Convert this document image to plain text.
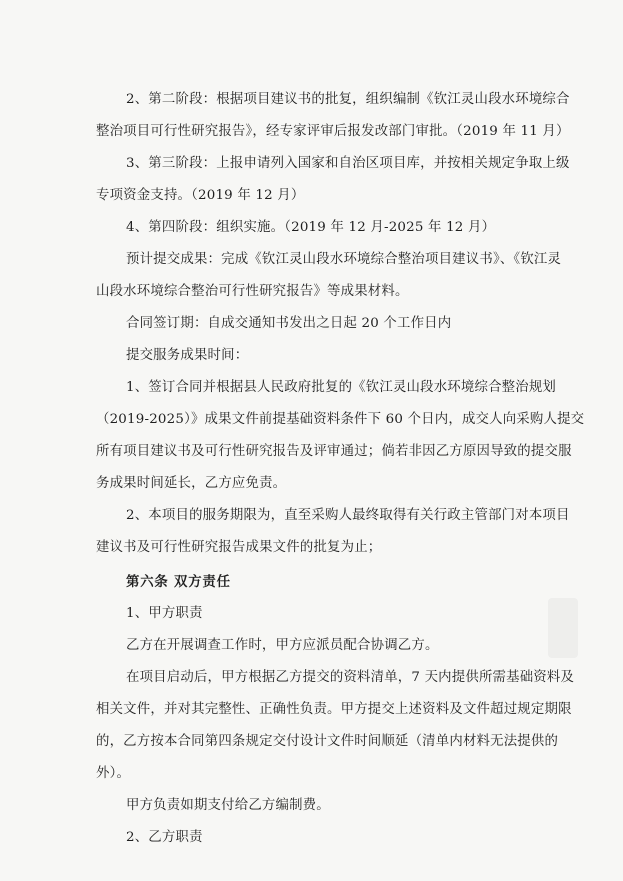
2、第二阶段：根据项目建议书的批复，组织编制《钦江灵山段水环境综合

整治项目可行性研究报告》，经专家评审后报发改部门审批。（2019 年 11 月）

3、第三阶段：上报申请列入国家和自治区项目库，并按相关规定争取上级

专项资金支持。（2019 年 12 月）

4、第四阶段：组织实施。（2019 年 12 月-2025 年 12 月）

预计提交成果：完成《钦江灵山段水环境综合整治项目建议书》、《钦江灵

山段水环境综合整治可行性研究报告》等成果材料。

合同签订期：自成交通知书发出之日起 20 个工作日内

提交服务成果时间：

1、签订合同并根据县人民政府批复的《钦江灵山段水环境综合整治规划

（2019-2025）》成果文件前提基础资料条件下 60 个日内，成交人向采购人提交

所有项目建议书及可行性研究报告及评审通过；倘若非因乙方原因导致的提交服

务成果时间延长，乙方应免责。

2、本项目的服务期限为，直至采购人最终取得有关行政主管部门对本项目

建议书及可行性研究报告成果文件的批复为止；

第六条 双方责任

1、甲方职责

乙方在开展调查工作时，甲方应派员配合协调乙方。

在项目启动后，甲方根据乙方提交的资料清单，7 天内提供所需基础资料及

相关文件，并对其完整性、正确性负责。甲方提交上述资料及文件超过规定期限

的，乙方按本合同第四条规定交付设计文件时间顺延（清单内材料无法提供的

外）。

甲方负责如期支付给乙方编制费。

2、乙方职责
